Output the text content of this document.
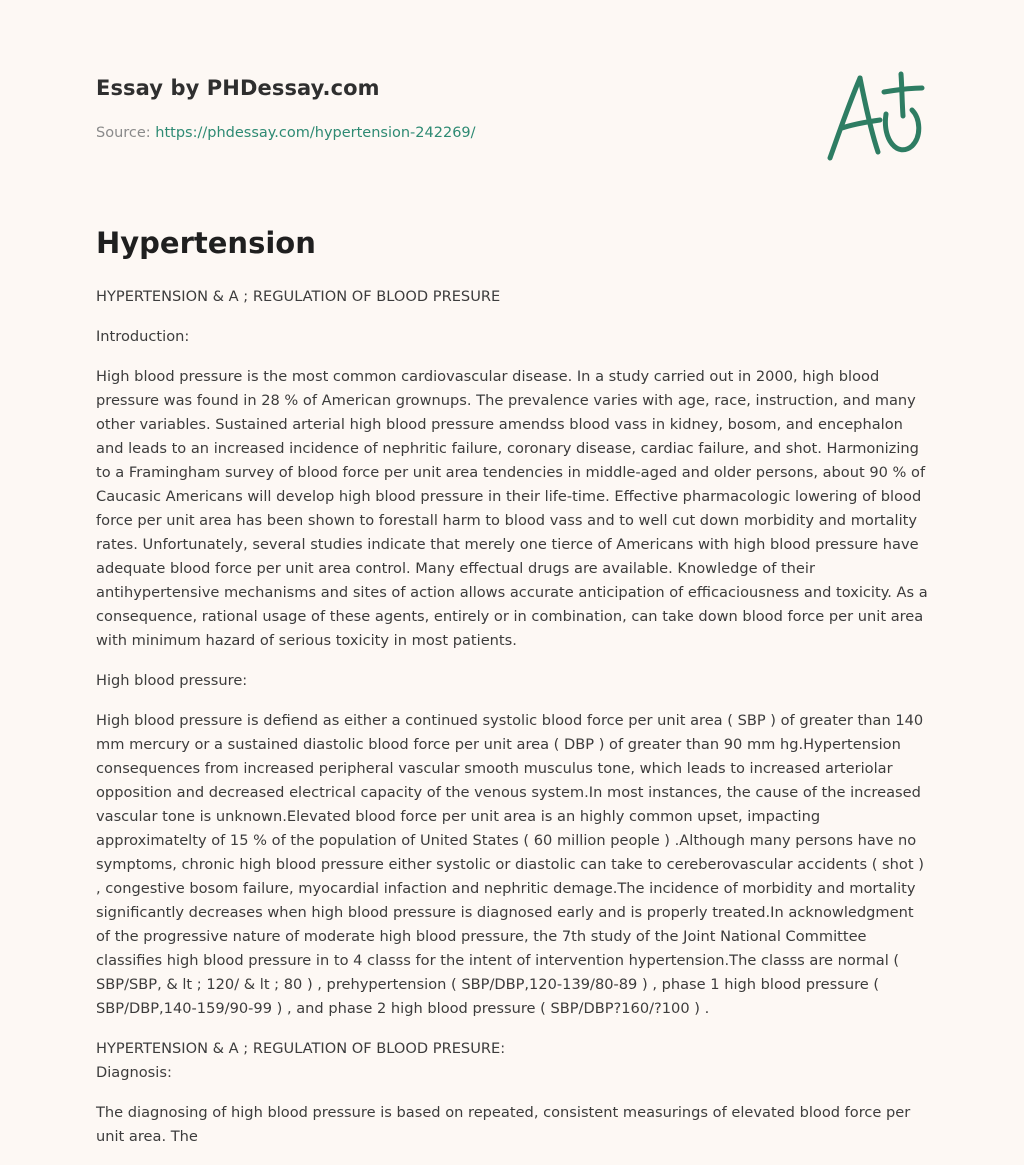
Essay by PHDessay.com
Source: https://phdessay.com/hypertension-242269/
Hypertension

HYPERTENSION & A ; REGULATION OF BLOOD PRESURE

Introduction:

High blood pressure is the most common cardiovascular disease. In a study carried out in 2000, high blood pressure was found in 28 % of American grownups. The prevalence varies with age, race, instruction, and many other variables. Sustained arterial high blood pressure amendss blood vass in kidney, bosom, and encephalon and leads to an increased incidence of nephritic failure, coronary disease, cardiac failure, and shot. Harmonizing to a Framingham survey of blood force per unit area tendencies in middle-aged and older persons, about 90 % of Caucasic Americans will develop high blood pressure in their life-time. Effective pharmacologic lowering of blood force per unit area has been shown to forestall harm to blood vass and to well cut down morbidity and mortality rates. Unfortunately, several studies indicate that merely one tierce of Americans with high blood pressure have adequate blood force per unit area control. Many effectual drugs are available. Knowledge of their antihypertensive mechanisms and sites of action allows accurate anticipation of efficaciousness and toxicity. As a consequence, rational usage of these agents, entirely or in combination, can take down blood force per unit area with minimum hazard of serious toxicity in most patients.

High blood pressure:

High blood pressure is defiend as either a continued systolic blood force per unit area ( SBP ) of greater than 140 mm mercury or a sustained diastolic blood force per unit area ( DBP ) of greater than 90 mm hg.Hypertension consequences from increased peripheral vascular smooth musculus tone, which leads to increased arteriolar opposition and decreased electrical capacity of the venous system.In most instances, the cause of the increased vascular tone is unknown.Elevated blood force per unit area is an highly common upset, impacting approximatelty of 15 % of the population of United States ( 60 million people ) .Although many persons have no symptoms, chronic high blood pressure either systolic or diastolic can take to cereberovascular accidents ( shot ) , congestive bosom failure, myocardial infaction and nephritic demage.The incidence of morbidity and mortality significantly decreases when high blood pressure is diagnosed early and is properly treated.In acknowledgment of the progressive nature of moderate high blood pressure, the 7th study of the Joint National Committee classifies high blood pressure in to 4 classs for the intent of intervention hypertension.The classs are normal ( SBP/SBP, & lt ; 120/ & lt ; 80 ) , prehypertension ( SBP/DBP,120-139/80-89 ) , phase 1 high blood pressure ( SBP/DBP,140-159/90-99 ) , and phase 2 high blood pressure ( SBP/DBP?160/?100 ) .

HYPERTENSION & A ; REGULATION OF BLOOD PRESURE:

Diagnosis:

The diagnosing of high blood pressure is based on repeated, consistent measurings of elevated blood force per unit area. The
